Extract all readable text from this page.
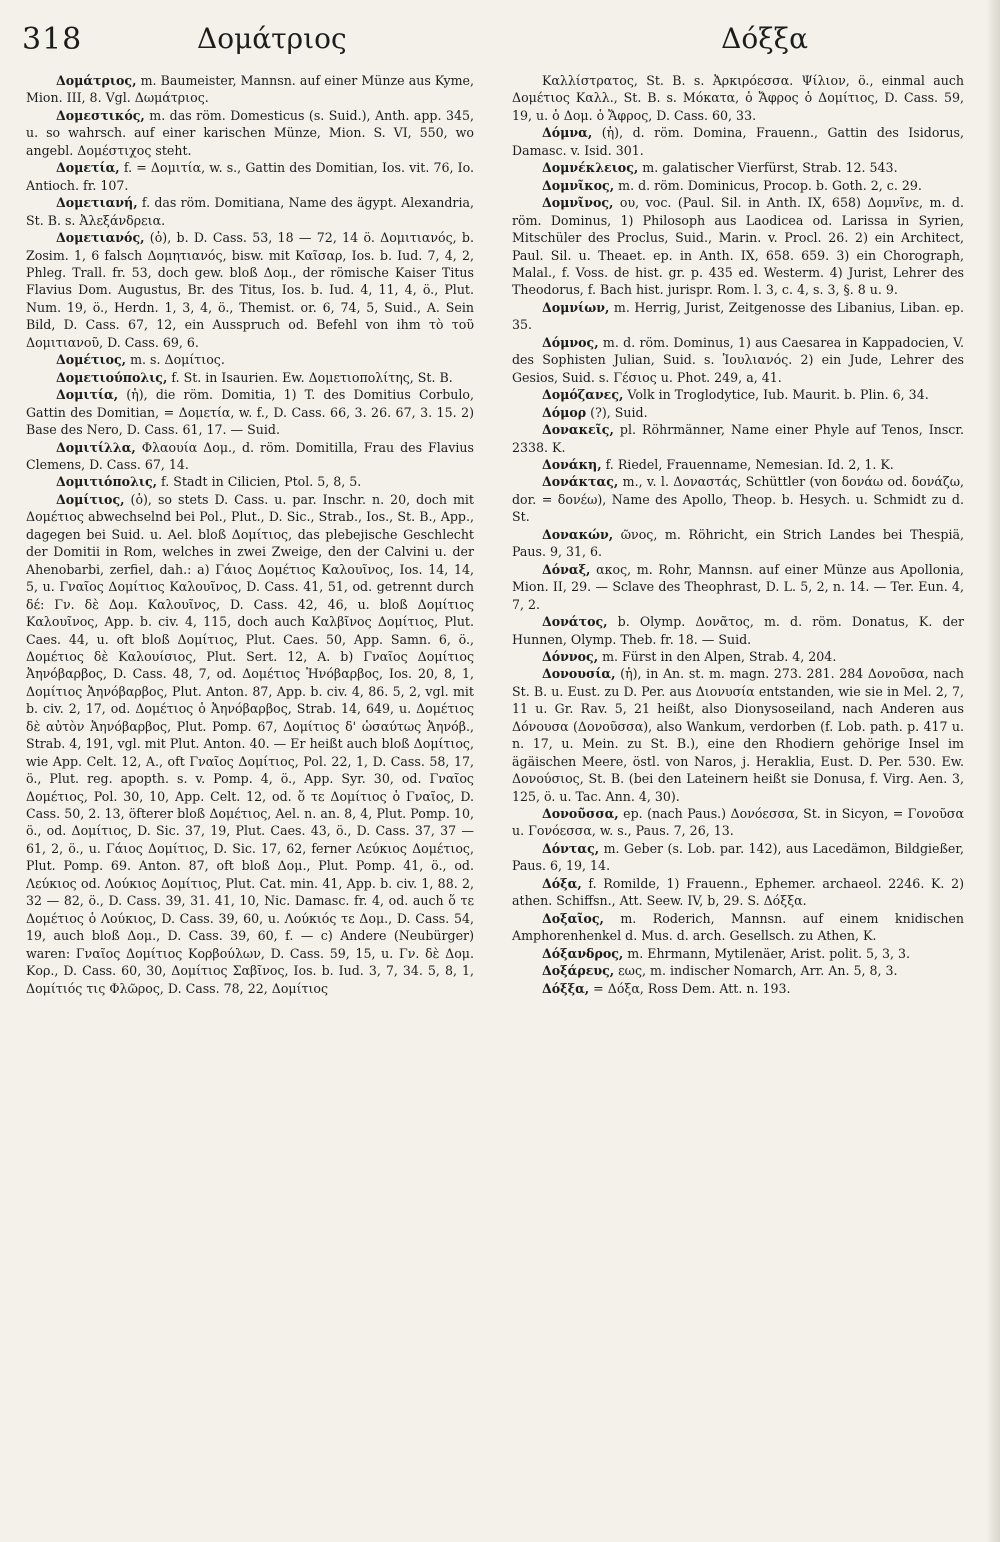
318	Δομάτριος	Δόξξα

Δομάτριος, m. Baumeister, Mannsn. auf einer Münze aus Kyme, Mion. III, 8. Vgl. Δωμάτριος.

Δομεστικός, m. das röm. Domesticus (s. Suid.), Anth. app. 345, u. so wahrsch. auf einer karischen Münze, Mion. S. VI, 550, wo angebl. Δομέστιχος steht.

Δομετία, f. = Δομιτία, w. s., Gattin des Domitian, Ios. vit. 76, Io. Antioch. fr. 107.

Δομετιανή, f. das röm. Domitiana, Name des ägypt. Alexandria, St. B. s. Ἀλεξάνδρεια.

Δομετιανός, (ὁ), b. D. Cass. 53, 18 — 72, 14 ö. Δομιτιανός, b. Zosim. 1, 6 falsch Δομητιανός, bisw. mit Καῖσαρ, Ios. b. Iud. 7, 4, 2, Phleg. Trall. fr. 53, doch gew. bloß Δομ., der römische Kaiser Titus Flavius Dom. Augustus, Br. des Titus, Ios. b. Iud. 4, 11, 4, ö., Plut. Num. 19, ö., Herdn. 1, 3, 4, ö., Themist. or. 6, 74, 5, Suid., A. Sein Bild, D. Cass. 67, 12, ein Ausspruch od. Befehl von ihm τὸ τοῦ Δομιτιανοῦ, D. Cass. 69, 6.

Δομέτιος, m. s. Δομίτιος.

Δομετιούπολις, f. St. in Isaurien. Ew. Δομετιοπολίτης, St. B.

Δομιτία, (ἡ), die röm. Domitia, 1) T. des Domitius Corbulo, Gattin des Domitian, = Δομετία, w. f., D. Cass. 66, 3. 26. 67, 3. 15. 2) Base des Nero, D. Cass. 61, 17. — Suid.

Δομιτίλλα, Φλαουία Δομ., d. röm. Domitilla, Frau des Flavius Clemens, D. Cass. 67, 14.

Δομιτιόπολις, f. Stadt in Cilicien, Ptol. 5, 8, 5.

Δομίτιος, (ὁ), so stets D. Cass. u. par. Inschr. n. 20, doch mit Δομέτιος abwechselnd bei Pol., Plut., D. Sic., Strab., Ios., St. B., App., dagegen bei Suid. u. Ael. bloß Δομίτιος, das plebejische Geschlecht der Domitii in Rom, welches in zwei Zweige, den der Calvini u. der Ahenobarbi, zerfiel, dah.: a) Γάιος Δομέτιος Καλουῖνος, Ios. 14, 14, 5, u. Γναῖος Δομίτιος Καλουῖνος, D. Cass. 41, 51, od. getrennt durch δέ: Γν. δὲ Δομ. Καλουῖνος, D. Cass. 42, 46, u. bloß Δομίτιος Καλουῖνος, App. b. civ. 4, 115, doch auch Καλβῖνος Δομίτιος, Plut. Caes. 44, u. oft bloß Δομίτιος, Plut. Caes. 50, App. Samn. 6, ö., Δομέτιος δὲ Καλουίσιος, Plut. Sert. 12, A. b) Γναῖος Δομίτιος Ἀηνόβαρβος, D. Cass. 48, 7, od. Δομέτιος Ἠνόβαρβος, Ios. 20, 8, 1, Δομίτιος Ἀηνόβαρβος, Plut. Anton. 87, App. b. civ. 4, 86. 5, 2, vgl. mit b. civ. 2, 17, od. Δομέτιος ὁ Ἀηνόβαρβος, Strab. 14, 649, u. Δομέτιος δὲ αὐτὸν Ἀηνόβαρβος, Plut. Pomp. 67, Δομίτιος δ' ὡσαύτως Ἀηνόβ., Strab. 4, 191, vgl. mit Plut. Anton. 40. — Er heißt auch bloß Δομίτιος, wie App. Celt. 12, A., oft Γναῖος Δομίτιος, Pol. 22, 1, D. Cass. 58, 17, ö., Plut. reg. apopth. s. v. Pomp. 4, ö., App. Syr. 30, od. Γναῖος Δομέτιος, Pol. 30, 10, App. Celt. 12, od. ὅ τε Δομίτιος ὁ Γναῖος, D. Cass. 50, 2. 13, öfterer bloß Δομέτιος, Ael. n. an. 8, 4, Plut. Pomp. 10, ö., od. Δομίτιος, D. Sic. 37, 19, Plut. Caes. 43, ö., D. Cass. 37, 37 — 61, 2, ö., u. Γάιος Δομίτιος, D. Sic. 17, 62, ferner Λεύκιος Δομέτιος, Plut. Pomp. 69. Anton. 87, oft bloß Δομ., Plut. Pomp. 41, ö., od. Λεύκιος od. Λούκιος Δομίτιος, Plut. Cat. min. 41, App. b. civ. 1, 88. 2, 32 — 82, ö., D. Cass. 39, 31. 41, 10, Nic. Damasc. fr. 4, od. auch ὅ τε Δομέτιος ὁ Λούκιος, D. Cass. 39, 60, u. Λούκιός τε Δομ., D. Cass. 54, 19, auch bloß Δομ., D. Cass. 39, 60, f. — c) Andere (Neubürger) waren: Γναῖος Δομίτιος Κορβούλων, D. Cass. 59, 15, u. Γν. δὲ Δομ. Κορ., D. Cass. 60, 30, Δομίτιος Σαβῖνος, Ios. b. Iud. 3, 7, 34. 5, 8, 1, Δομίτιός τις Φλῶρος, D. Cass. 78, 22, Δομίτιος

Καλλίστρατος, St. B. s. Ἀρκιρόεσσα. Ψίλιον, ö., einmal auch Δομέτιος Καλλ., St. B. s. Μόκατα, ὁ Ἄφρος ὁ Δομίτιος, D. Cass. 59, 19, u. ὁ Δομ. ὁ Ἄφρος, D. Cass. 60, 33.

Δόμνα, (ἡ), d. röm. Domina, Frauenn., Gattin des Isidorus, Damasc. v. Isid. 301.

Δομνέκλειος, m. galatischer Vierfürst, Strab. 12. 543.

Δομνῖκος, m. d. röm. Dominicus, Procop. b. Goth. 2, c. 29.

Δομνῖνος, ου, voc. (Paul. Sil. in Anth. IX, 658) Δομνῖνε, m. d. röm. Dominus, 1) Philosoph aus Laodicea od. Larissa in Syrien, Mitschüler des Proclus, Suid., Marin. v. Procl. 26. 2) ein Architect, Paul. Sil. u. Theaet. ep. in Anth. IX, 658. 659. 3) ein Chorograph, Malal., f. Voss. de hist. gr. p. 435 ed. Westerm. 4) Jurist, Lehrer des Theodorus, f. Bach hist. jurispr. Rom. l. 3, c. 4, s. 3, §. 8 u. 9.

Δομνίων, m. Herrig, Jurist, Zeitgenosse des Libanius, Liban. ep. 35.

Δόμνος, m. d. röm. Dominus, 1) aus Caesarea in Kappadocien, V. des Sophisten Julian, Suid. s. Ἰουλιανός. 2) ein Jude, Lehrer des Gesios, Suid. s. Γέσιος u. Phot. 249, a, 41.

Δομόζανες, Volk in Troglodytice, Iub. Maurit. b. Plin. 6, 34.

Δόμορ (?), Suid.

Δονακεῖς, pl. Röhrmänner, Name einer Phyle auf Tenos, Inscr. 2338. K.

Δονάκη, f. Riedel, Frauenname, Nemesian. Id. 2, 1. K.

Δονάκτας, m., v. l. Δοναστάς, Schüttler (von δονάω od. δονάζω, dor. = δονέω), Name des Apollo, Theop. b. Hesych. u. Schmidt zu d. St.

Δονακών, ῶνος, m. Röhricht, ein Strich Landes bei Thespiä, Paus. 9, 31, 6.

Δόναξ, ακος, m. Rohr, Mannsn. auf einer Münze aus Apollonia, Mion. II, 29. — Sclave des Theophrast, D. L. 5, 2, n. 14. — Ter. Eun. 4, 7, 2.

Δονάτος, b. Olymp. Δονᾶτος, m. d. röm. Donatus, K. der Hunnen, Olymp. Theb. fr. 18. — Suid.

Δόννος, m. Fürst in den Alpen, Strab. 4, 204.

Δονουσία, (ἡ), in An. st. m. magn. 273. 281. 284 Δονοῦσα, nach St. B. u. Eust. zu D. Per. aus Διονυσία entstanden, wie sie in Mel. 2, 7, 11 u. Gr. Rav. 5, 21 heißt, also Dionysoseiland, nach Anderen aus Δόνουσα (Δονοῦσσα), also Wankum, verdorben (f. Lob. path. p. 417 u. n. 17, u. Mein. zu St. B.), eine den Rhodiern gehörige Insel im ägäischen Meere, östl. von Naros, j. Heraklia, Eust. D. Per. 530. Ew. Δονούσιος, St. B. (bei den Lateinern heißt sie Donusa, f. Virg. Aen. 3, 125, ö. u. Tac. Ann. 4, 30).

Δονοῦσσα, ep. (nach Paus.) Δονόεσσα, St. in Sicyon, = Γονοῦσα u. Γονόεσσα, w. s., Paus. 7, 26, 13.

Δόντας, m. Geber (s. Lob. par. 142), aus Lacedämon, Bildgießer, Paus. 6, 19, 14.

Δόξα, f. Romilde, 1) Frauenn., Ephemer. archaeol. 2246. K. 2) athen. Schiffsn., Att. Seew. IV, b, 29. S. Δόξξα.

Δοξαῖος, m. Roderich, Mannsn. auf einem knidischen Amphorenhenkel d. Mus. d. arch. Gesellsch. zu Athen, K.

Δόξανδρος, m. Ehrmann, Mytilenäer, Arist. polit. 5, 3, 3.

Δοξάρευς, εως, m. indischer Nomarch, Arr. An. 5, 8, 3.

Δόξξα, = Δόξα, Ross Dem. Att. n. 193.
